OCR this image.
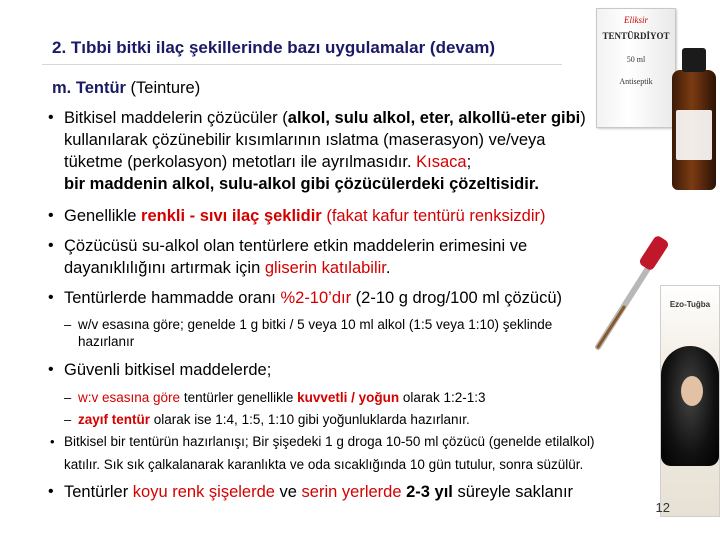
2. Tıbbi bitki ilaç şekillerinde bazı uygulamalar (devam)
Eliksir
TENTÜRDİYOT
50 ml
Antiseptik
Ezo-Tuğba
m. Tentür (Teinture)
• Bitkisel maddelerin çözücüler (alkol, sulu alkol, eter, alkollü-eter gibi)
kullanılarak çözünebilir kısımlarının ıslatma (maserasyon) ve/veya
tüketme (perkolasyon) metotları ile ayrılmasıdır. Kısaca;
bir maddenin alkol, sulu-alkol gibi çözücülerdeki çözeltisidir.
• Genellikle renkli - sıvı ilaç şeklidir (fakat kafur tentürü renksizdir)
• Çözücüsü su-alkol olan tentürlere etkin maddelerin erimesini ve
dayanıklılığını artırmak için gliserin katılabilir.
• Tentürlerde hammadde oranı %2-10’dır (2-10 g drog/100 ml çözücü)
– w/v esasına göre; genelde 1 g bitki / 5 veya 10 ml alkol (1:5 veya 1:10) şeklinde
hazırlanır
• Güvenli bitkisel maddelerde;
– w:v esasına göre tentürler genellikle kuvvetli / yoğun olarak 1:2-1:3
– zayıf tentür olarak ise 1:4, 1:5, 1:10 gibi yoğunluklarda hazırlanır.
• Bitkisel bir tentürün hazırlanışı; Bir şişedeki 1 g droga 10-50 ml çözücü (genelde etilalkol)
katılır. Sık sık çalkalanarak karanlıkta ve oda sıcaklığında 10 gün tutulur, sonra süzülür.
• Tentürler koyu renk şişelerde ve serin yerlerde 2-3 yıl süreyle saklanır
12
